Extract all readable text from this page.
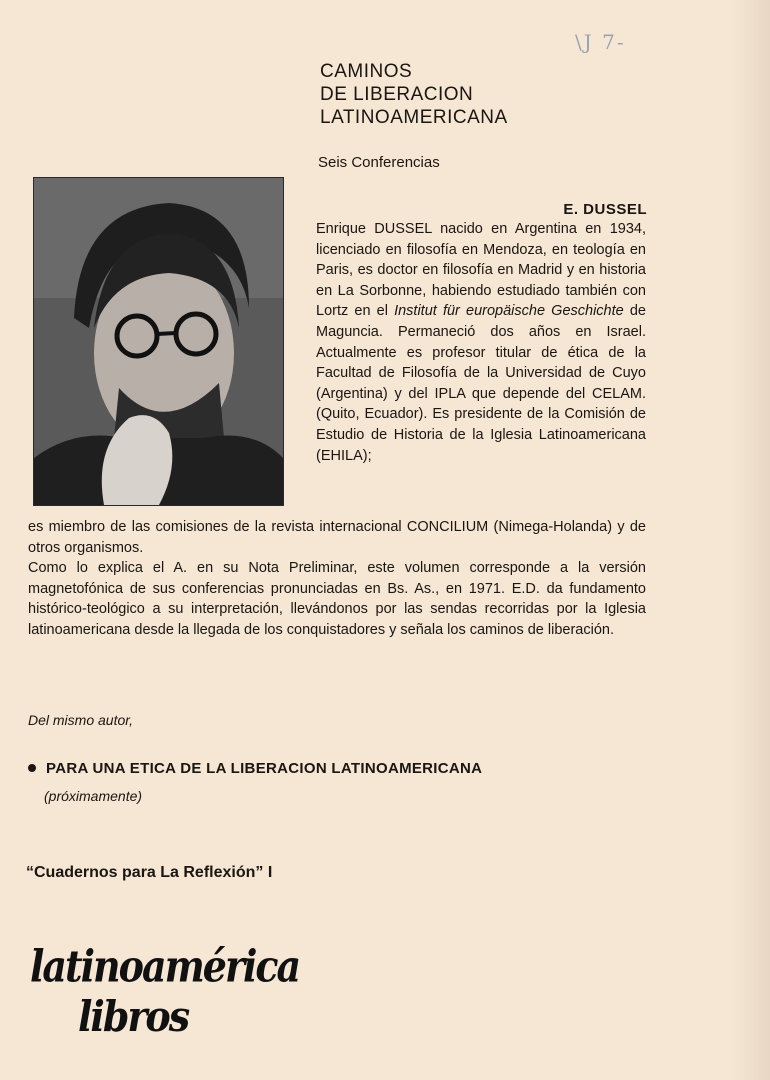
\J 7-
CAMINOS
DE LIBERACION
LATINOAMERICANA
Seis Conferencias
E. DUSSEL

Enrique DUSSEL nacido en Argentina en 1934, licenciado en filosofía en Mendoza, en teología en Paris, es doctor en filosofía en Madrid y en historia en La Sorbonne, habiendo estudiado también con Lortz en el Institut für europäische Geschichte de Maguncia. Permaneció dos años en Israel. Actualmente es profesor titular de ética de la Facultad de Filosofía de la Universidad de Cuyo (Argentina) y del IPLA que depende del CELAM. (Quito, Ecuador). Es presidente de la Comisión de Estudio de Historia de la Iglesia Latinoamericana (EHILA);

es miembro de las comisiones de la revista internacional CONCILIUM (Nimega-Holanda) y de otros organismos.

Como lo explica el A. en su Nota Preliminar, este volumen corresponde a la versión magnetofónica de sus conferencias pronunciadas en Bs. As., en 1971. E.D. da fundamento histórico-teológico a su interpretación, llevándonos por las sendas recorridas por la Iglesia latinoamericana desde la llegada de los conquistadores y señala los caminos de liberación.

Del mismo autor,
PARA UNA ETICA DE LA LIBERACION LATINOAMERICANA
(próximamente)
“Cuadernos para La Reflexión” I
latinoamérica
libros
